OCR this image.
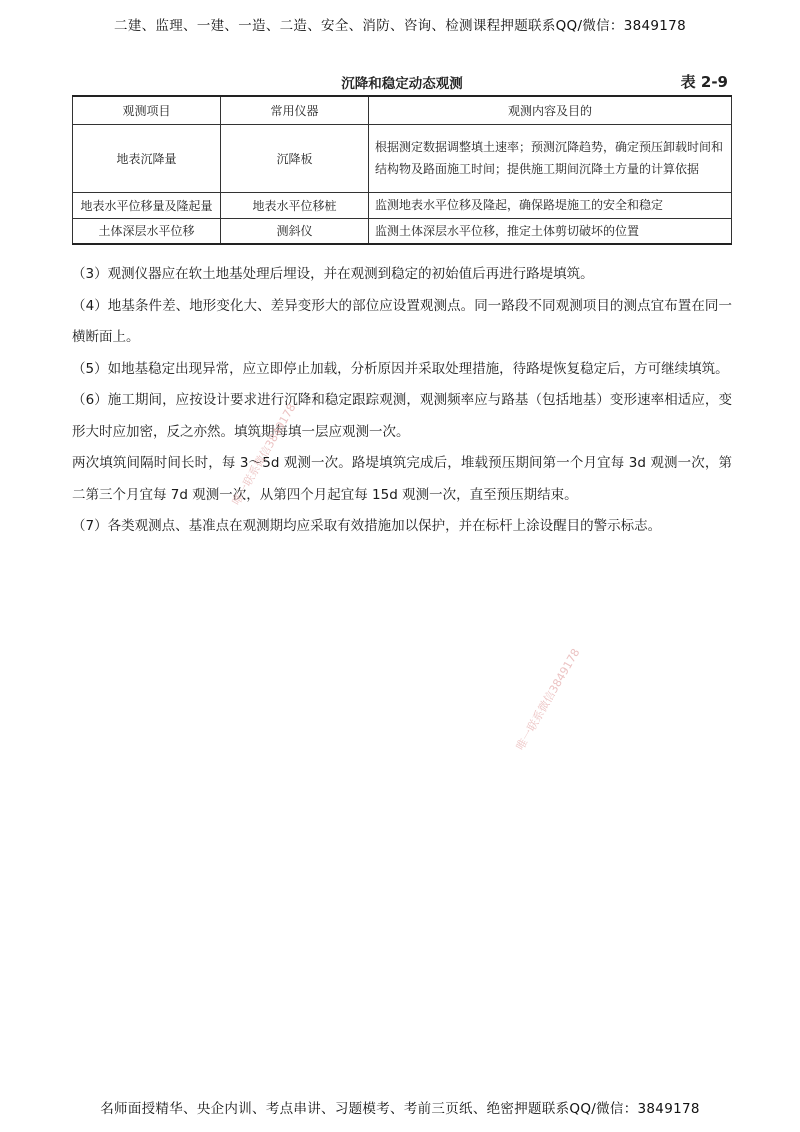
二建、监理、一建、一造、二造、安全、消防、咨询、检测课程押题联系QQ/微信：3849178
沉降和稳定动态观测	表 2-9
观测项目	常用仪器	观测内容及目的
地表沉降量	沉降板	根据测定数据调整填土速率；预测沉降趋势，确定预压卸载时间和结构物及路面施工时间；提供施工期间沉降土方量的计算依据
地表水平位移量及隆起量	地表水平位移桩	监测地表水平位移及隆起，确保路堤施工的安全和稳定
土体深层水平位移	测斜仪	监测土体深层水平位移，推定土体剪切破坏的位置

（3）观测仪器应在软土地基处理后埋设，并在观测到稳定的初始值后再进行路堤填筑。

（4）地基条件差、地形变化大、差异变形大的部位应设置观测点。同一路段不同观测项目的测点宜布置在同一横断面上。

（5）如地基稳定出现异常，应立即停止加载，分析原因并采取处理措施，待路堤恢复稳定后，方可继续填筑。

（6）施工期间，应按设计要求进行沉降和稳定跟踪观测，观测频率应与路基（包括地基）变形速率相适应，变形大时应加密，反之亦然。填筑期每填一层应观测一次。

两次填筑间隔时间长时，每 3～5d 观测一次。路堤填筑完成后，堆载预压期间第一个月宜每 3d 观测一次，第二第三个月宜每 7d 观测一次，从第四个月起宜每 15d 观测一次，直至预压期结束。

（7）各类观测点、基准点在观测期均应采取有效措施加以保护，并在标杆上涂设醒目的警示标志。

唯一联系微信3849178
唯一联系微信3849178
名师面授精华、央企内训、考点串讲、习题模考、考前三页纸、绝密押题联系QQ/微信：3849178
